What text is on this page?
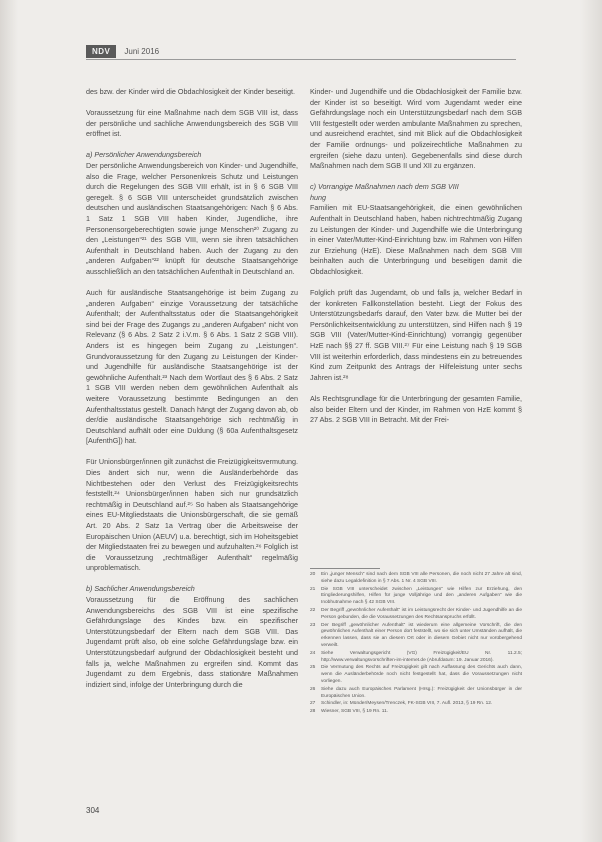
NDV	Juni 2016

des bzw. der Kinder wird die Obdachlosigkeit der Kinder beseitigt.

Voraussetzung für eine Maßnahme nach dem SGB VIII ist, dass der persönliche und sachliche Anwendungsbereich des SGB VIII eröffnet ist.

a) Persönlicher Anwendungsbereich

Der persönliche Anwendungsbereich von Kinder- und Jugendhilfe, also die Frage, welcher Personenkreis Schutz und Leistungen durch die Regelungen des SGB VIII erhält, ist in § 6 SGB VIII geregelt. § 6 SGB VIII unterscheidet grundsätzlich zwischen deutschen und ausländischen Staatsangehörigen: Nach § 6 Abs. 1 Satz 1 SGB VIII haben Kinder, Jugendliche, ihre Personensorgeberechtigten sowie junge Menschen²⁰ Zugang zu den „Leistungen“²¹ des SGB VIII, wenn sie ihren tatsächlichen Aufenthalt in Deutschland haben. Auch der Zugang zu den „anderen Aufgaben“²² knüpft für deutsche Staatsangehörige ausschließlich an den tatsächlichen Aufenthalt in Deutschland an.

Auch für ausländische Staatsangehörige ist beim Zugang zu „anderen Aufgaben“ einzige Voraussetzung der tatsächliche Aufenthalt; der Aufenthaltsstatus oder die Staatsangehörigkeit sind bei der Frage des Zugangs zu „anderen Aufgaben“ nicht von Relevanz (§ 6 Abs. 2 Satz 2 i.V.m. § 6 Abs. 1 Satz 2 SGB VIII). Anders ist es hingegen beim Zugang zu „Leistungen“. Grundvoraussetzung für den Zugang zu Leistungen der Kinder- und Jugendhilfe für ausländische Staatsangehörige ist der gewöhnliche Aufenthalt.²³ Nach dem Wortlaut des § 6 Abs. 2 Satz 1 SGB VIII werden neben dem gewöhnlichen Aufenthalt als weitere Voraussetzung bestimmte Bedingungen an den Aufenthaltsstatus gestellt. Danach hängt der Zugang davon ab, ob der/die ausländische Staatsangehörige sich rechtmäßig in Deutschland aufhält oder eine Duldung (§ 60a Aufenthaltsgesetz [AufenthG]) hat.

Für Unionsbürger/innen gilt zunächst die Freizügigkeitsvermutung. Dies ändert sich nur, wenn die Ausländerbehörde das Nichtbestehen oder den Verlust des Freizügigkeitsrechts feststellt.²⁴ Unionsbürger/innen haben sich nur grundsätzlich rechtmäßig in Deutschland auf.²⁵ So haben als Staatsangehörige eines EU-Mitgliedstaats die Unionsbürgerschaft, die sie gemäß Art. 20 Abs. 2 Satz 1a Vertrag über die Arbeitsweise der Europäischen Union (AEUV) u.a. berechtigt, sich im Hoheitsgebiet der Mitgliedstaaten frei zu bewegen und aufzuhalten.²⁶ Folglich ist die Voraussetzung „rechtmäßiger Aufenthalt“ regelmäßig unproblematisch.

b) Sachlicher Anwendungsbereich

Voraussetzung für die Eröffnung des sachlichen Anwendungsbereichs des SGB VIII ist eine spezifische Gefährdungslage des Kindes bzw. ein spezifischer Unterstützungsbedarf der Eltern nach dem SGB VIII. Das Jugendamt prüft also, ob eine solche Gefährdungslage bzw. ein Unterstützungsbedarf aufgrund der Obdachlosigkeit besteht und falls ja, welche Maßnahmen zu ergreifen sind. Kommt das Jugendamt zu dem Ergebnis, dass stationäre Maßnahmen indiziert sind, infolge der Unterbringung durch die

Kinder- und Jugendhilfe und die Obdachlosigkeit der Familie bzw. der Kinder ist so beseitigt. Wird vom Jugendamt weder eine Gefährdungslage noch ein Unterstützungsbedarf nach dem SGB VIII festgestellt oder werden ambulante Maßnahmen zu sprechen, und ausreichend erachtet, sind mit Blick auf die Obdachlosigkeit der Familie ordnungs- und polizeirechtliche Maßnahmen zu ergreifen (siehe dazu unten). Gegebenenfalls sind diese durch Maßnahmen nach dem SGB II und XII zu ergänzen.

c) Vorrangige Maßnahmen nach dem SGB VIII
hung

Familien mit EU-Staatsangehörigkeit, die einen gewöhnlichen Aufenthalt in Deutschland haben, haben nichtrechtmäßig Zugang zu Leistungen der Kinder- und Jugendhilfe wie die Unterbringung in einer Vater/Mutter-Kind-Einrichtung bzw. im Rahmen von Hilfen zur Erziehung (HzE). Diese Maßnahmen nach dem SGB VIII beinhalten auch die Unterbringung und beseitigen damit die Obdachlosigkeit.

Folglich prüft das Jugendamt, ob und falls ja, welcher Bedarf in der konkreten Fallkonstellation besteht. Liegt der Fokus des Unterstützungsbedarfs darauf, den Vater bzw. die Mutter bei der Persönlichkeitsentwicklung zu unterstützen, sind Hilfen nach § 19 SGB VIII (Vater/Mutter-Kind-Einrichtung) vorrangig gegenüber HzE nach §§ 27 ff. SGB VIII.²⁷ Für eine Leistung nach § 19 SGB VIII ist weiterhin erforderlich, dass mindestens ein zu betreuendes Kind zum Zeitpunkt des Antrags der Hilfeleistung unter sechs Jahren ist.²⁸

Als Rechtsgrundlage für die Unterbringung der gesamten Familie, also beider Eltern und der Kinder, im Rahmen von HzE kommt § 27 Abs. 2 SGB VIII in Betracht. Mit der Frei-

20	Ein „junger Mensch“ sind nach dem SGB VIII alle Personen, die noch nicht 27 Jahre alt sind, siehe dazu Legaldefinition in § 7 Abs. 1 Nr. 4 SGB VIII.
21	Die SGB VIII unterscheidet zwischen „Leistungen“ wie Hilfen zur Erziehung, den Eingliederungshilfen, Hilfen für junge Volljährige und den „anderen Aufgaben“ wie die Inobhutnahme nach § 42 SGB VIII.
22	Der Begriff „gewöhnlicher Aufenthalt“ ist im Leistungsrecht der Kinder- und Jugendhilfe an die Person gebunden, die die Voraussetzungen des Rechtsanspruchs erfüllt.
23	Der Begriff „gewöhnlicher Aufenthalt“ ist wiederum eine allgemeine Vorschrift, die den gewöhnlichen Aufenthalt einer Person dort feststellt, wo sie sich unter Umständen aufhält, die erkennen lassen, dass sie an diesem Ort oder in diesem Gebiet nicht nur vorübergehend verweilt.
24	Siehe Verwaltungsgericht (VG) Freizügigkeit/EU Nr. 11.2.5; http://www.verwaltungsvorschriften-im-internet.de (Abrufdatum: 19. Januar 2016).
25	Die Vermutung des Rechts auf Freizügigkeit gilt nach Auffassung des Gerichts auch dann, wenn die Ausländerbehörde noch nicht festgestellt hat, dass die Voraussetzungen nicht vorliegen.
26	Siehe dazu auch Europäisches Parlament (Hrsg.): Freizügigkeit der Unionsbürger in der Europäischen Union.
27	Schindler, in: Münder/Meysen/Trenczek, FK-SGB VIII, 7. Aufl. 2013, § 19 Rn. 12.
28	Wiesner, SGB VIII, § 19 Rn. 11.
304
